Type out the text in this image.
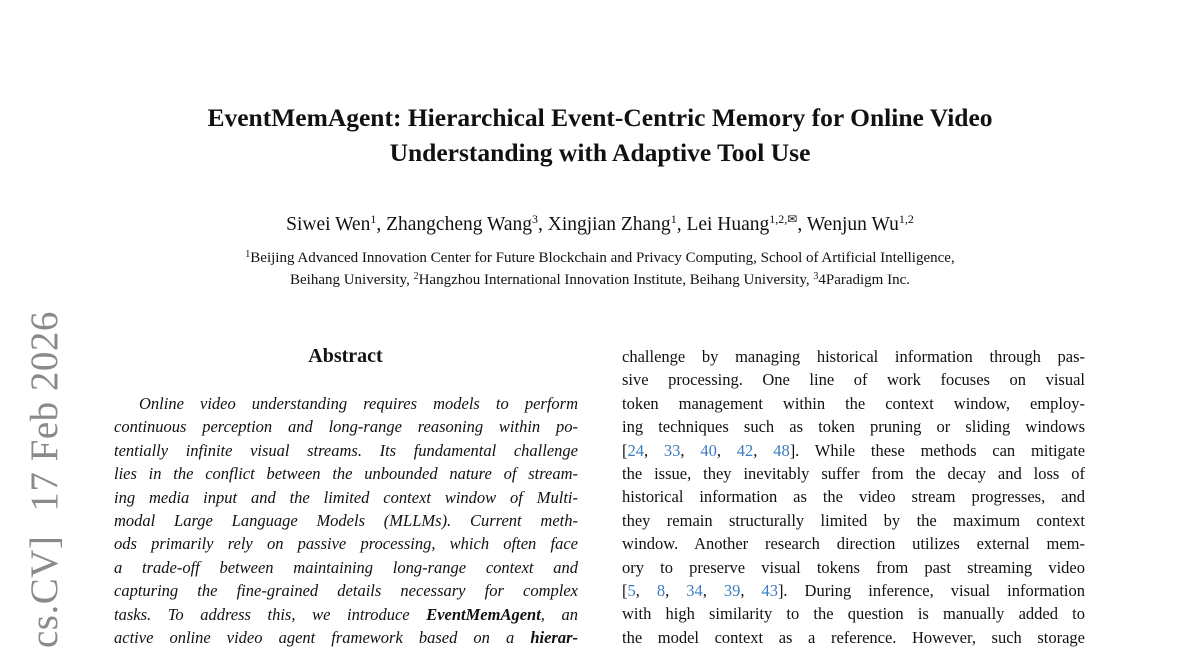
cs.CV]17 Feb 2026
EventMemAgent: Hierarchical Event-Centric Memory for Online Video
Understanding with Adaptive Tool Use
Siwei Wen$^1$, Zhangcheng Wang$^3$, Xingjian Zhang$^1$, Lei Huang$^{1,2,✉}$, Wenjun Wu$^{1,2}$
$^1$Beijing Advanced Innovation Center for Future Blockchain and Privacy Computing, School of Artificial Intelligence,
Beihang University, $^2$Hangzhou International Innovation Institute, Beihang University, $^3$4Paradigm Inc.
Abstract
Online video understanding requires models to perform
continuous perception and long-range reasoning within po-
tentially infinite visual streams. Its fundamental challenge
lies in the conflict between the unbounded nature of stream-
ing media input and the limited context window of Multi-
modal Large Language Models (MLLMs). Current meth-
ods primarily rely on passive processing, which often face
a trade-off between maintaining long-range context and
capturing the fine-grained details necessary for complex
tasks. To address this, we introduce EventMemAgent, an
active online video agent framework based on a hierar-
challenge by managing historical information through pas-
sive processing. One line of work focuses on visual
token management within the context window, employ-
ing techniques such as token pruning or sliding windows
[24, 33, 40, 42, 48]. While these methods can mitigate
the issue, they inevitably suffer from the decay and loss of
historical information as the video stream progresses, and
they remain structurally limited by the maximum context
window. Another research direction utilizes external mem-
ory to preserve visual tokens from past streaming video
[5, 8, 34, 39, 43]. During inference, visual information
with high similarity to the question is manually added to
the model context as a reference. However, such storage
